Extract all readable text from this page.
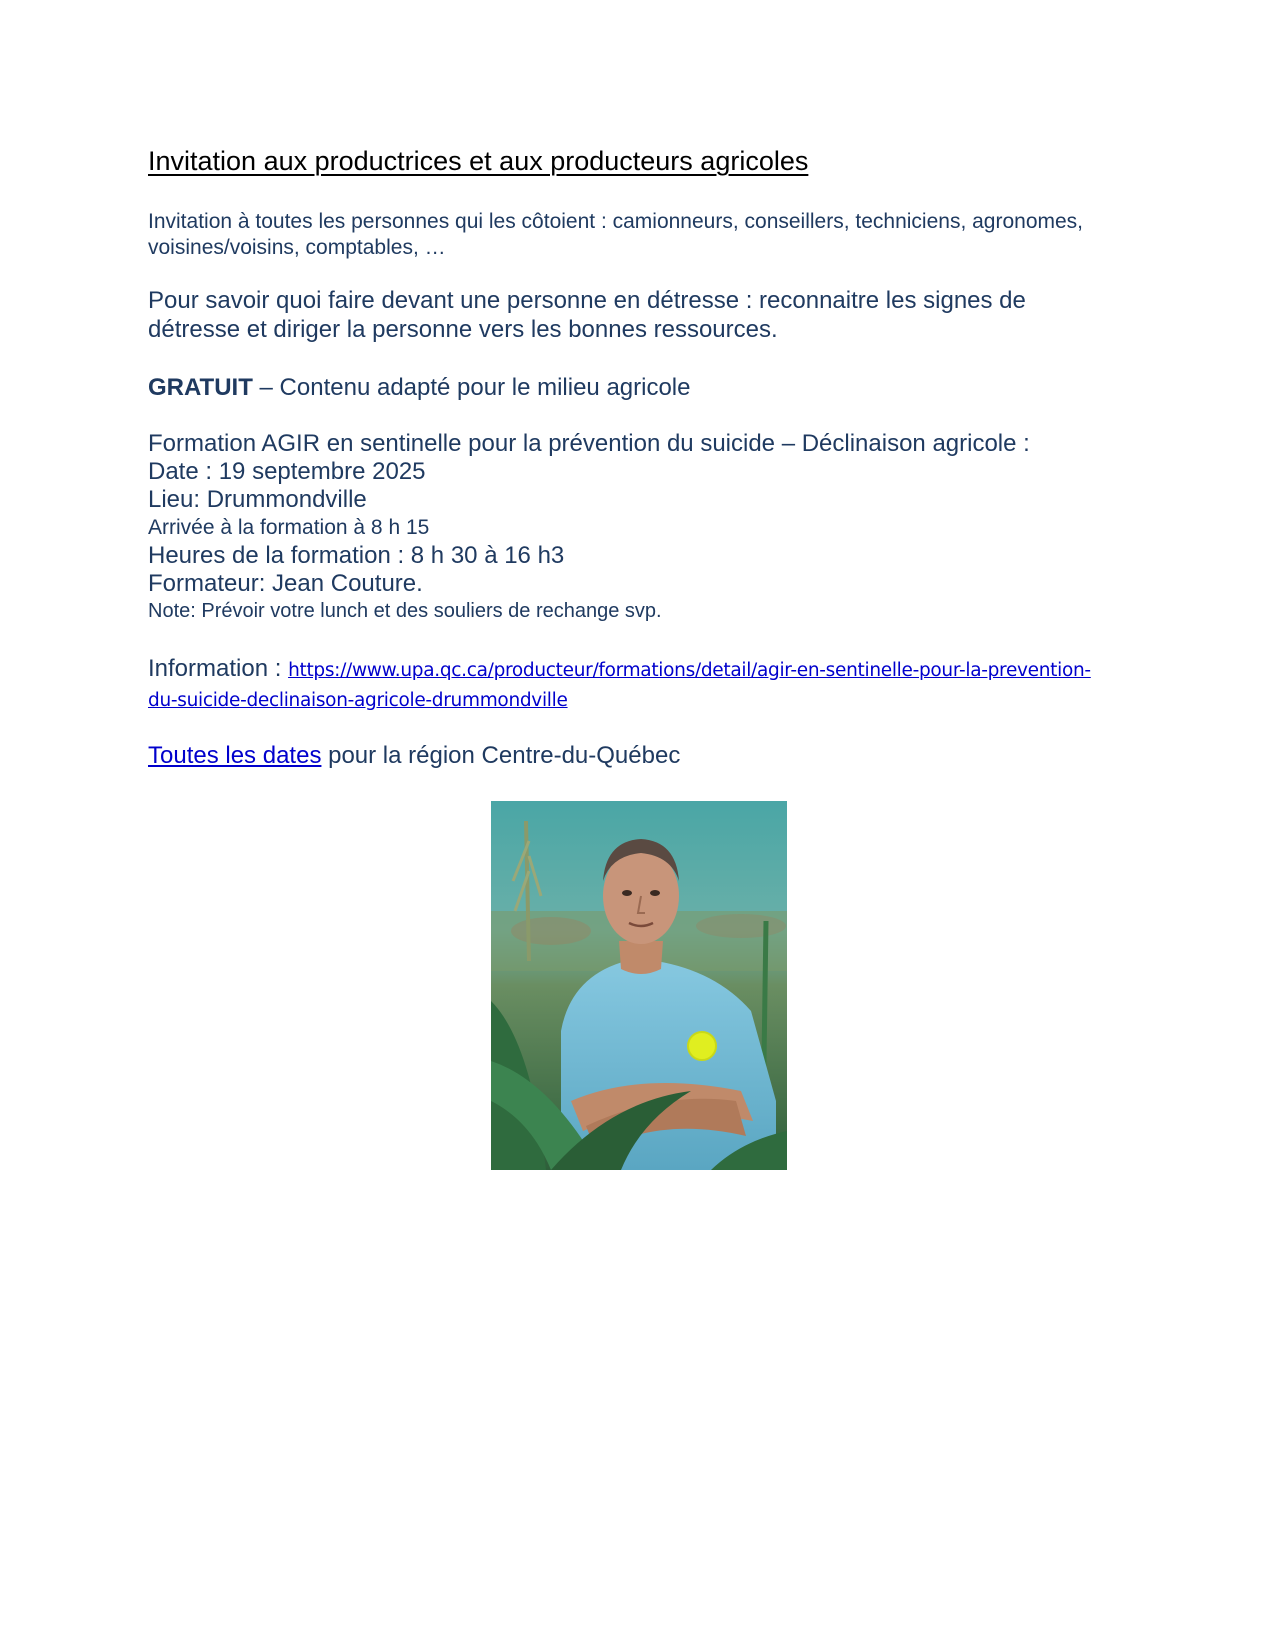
Invitation aux productrices et aux producteurs agricoles

Invitation à toutes les personnes qui les côtoient : camionneurs, conseillers, techniciens, agronomes, voisines/voisins, comptables, …

Pour savoir quoi faire devant une personne en détresse : reconnaitre les signes de détresse et diriger la personne vers les bonnes ressources.

GRATUIT – Contenu adapté pour le milieu agricole

Formation AGIR en sentinelle pour la prévention du suicide – Déclinaison agricole :
Date : 19 septembre 2025
Lieu: Drummondville
Arrivée à la formation à 8 h 15
Heures de la formation : 8 h 30 à 16 h3
Formateur: Jean Couture.
Note: Prévoir votre lunch et des souliers de rechange svp.
Information : https://www.upa.qc.ca/producteur/formations/detail/agir-en-sentinelle-pour-la-prevention-du-suicide-declinaison-agricole-drummondville
Toutes les dates pour la région Centre-du-Québec
